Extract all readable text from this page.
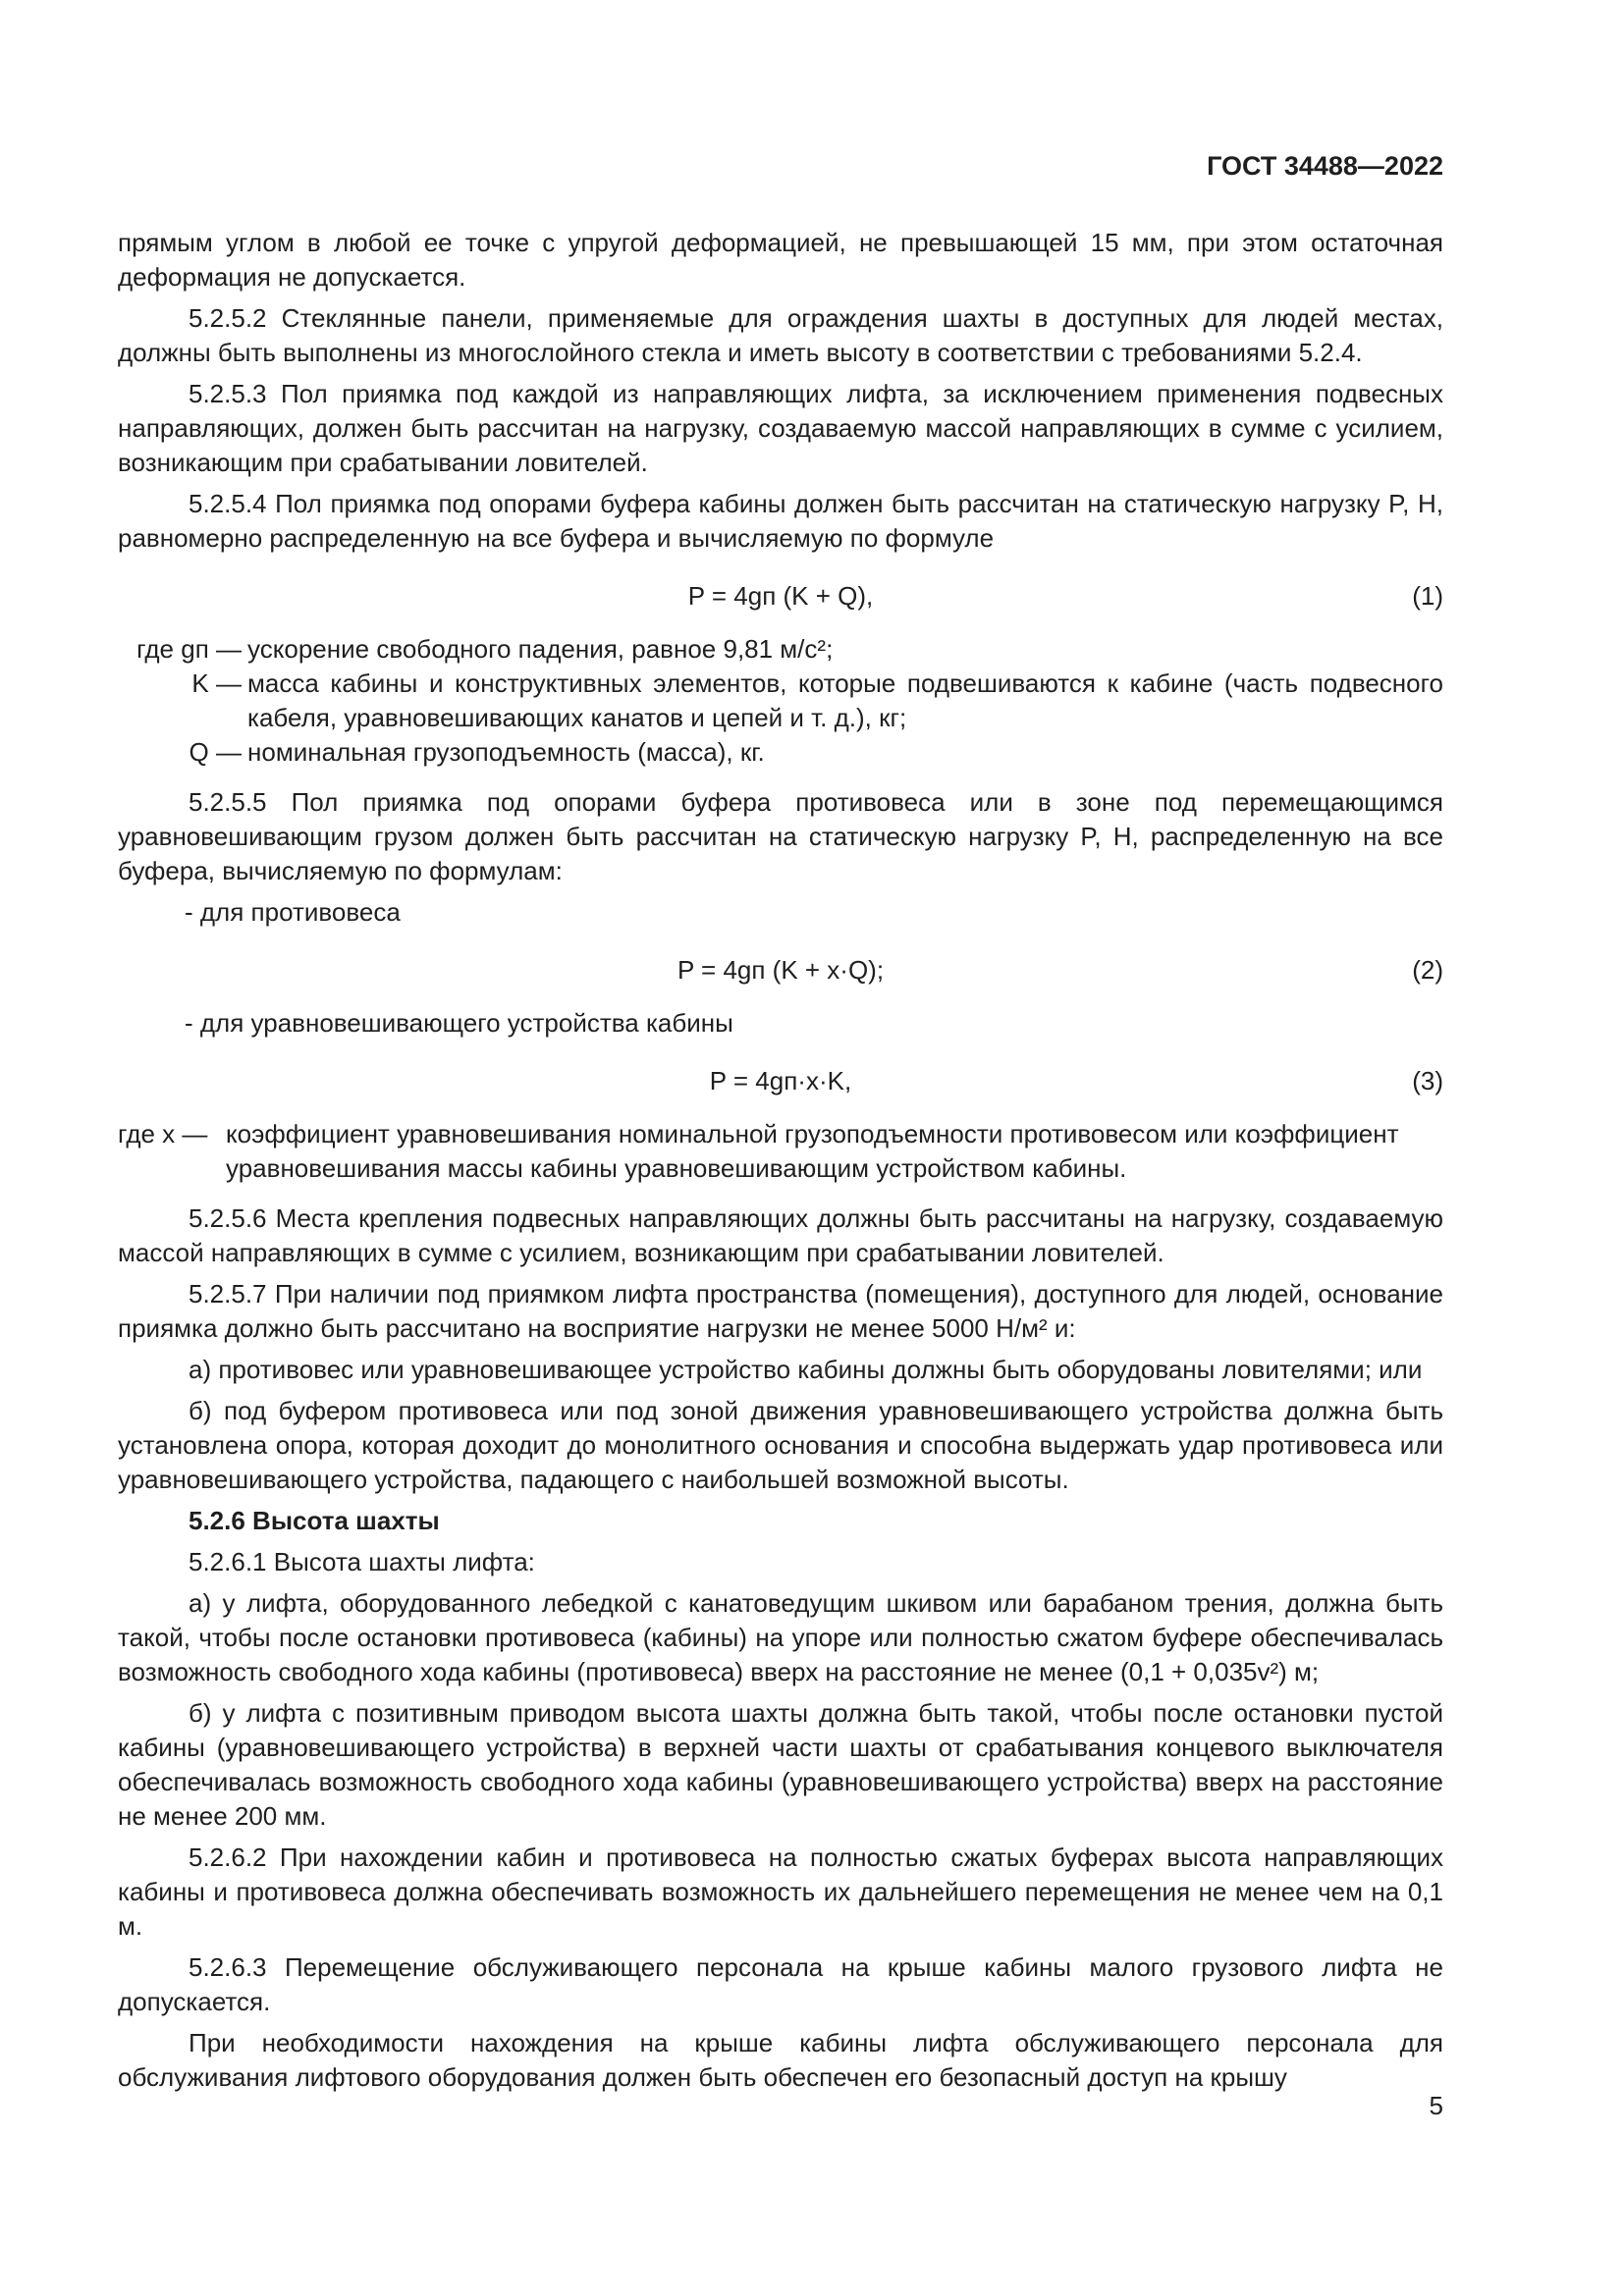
ГОСТ 34488—2022

прямым углом в любой ее точке с упругой деформацией, не превышающей 15 мм, при этом остаточная деформация не допускается.

5.2.5.2 Стеклянные панели, применяемые для ограждения шахты в доступных для людей местах, должны быть выполнены из многослойного стекла и иметь высоту в соответствии с требованиями 5.2.4.

5.2.5.3 Пол приямка под каждой из направляющих лифта, за исключением применения подвесных направляющих, должен быть рассчитан на нагрузку, создаваемую массой направляющих в сумме с усилием, возникающим при срабатывании ловителей.

5.2.5.4 Пол приямка под опорами буфера кабины должен быть рассчитан на статическую нагрузку P, H, равномерно распределенную на все буфера и вычисляемую по формуле

P = 4gп (K + Q),	(1)
где gп — ускорение свободного падения, равное 9,81 м/с²;
K — масса кабины и конструктивных элементов, которые подвешиваются к кабине (часть подвесного кабеля, уравновешивающих канатов и цепей и т. д.), кг;
Q — номинальная грузоподъемность (масса), кг.

5.2.5.5 Пол приямка под опорами буфера противовеса или в зоне под перемещающимся уравновешивающим грузом должен быть рассчитан на статическую нагрузку P, H, распределенную на все буфера, вычисляемую по формулам:

- для противовеса

P = 4gп (K + x·Q);	(2)

- для уравновешивающего устройства кабины

P = 4gп·x·K,	(3)
где x — коэффициент уравновешивания номинальной грузоподъемности противовесом или коэффициент уравновешивания массы кабины уравновешивающим устройством кабины.

5.2.5.6 Места крепления подвесных направляющих должны быть рассчитаны на нагрузку, создаваемую массой направляющих в сумме с усилием, возникающим при срабатывании ловителей.

5.2.5.7 При наличии под приямком лифта пространства (помещения), доступного для людей, основание приямка должно быть рассчитано на восприятие нагрузки не менее 5000 Н/м² и:

а) противовес или уравновешивающее устройство кабины должны быть оборудованы ловителями; или

б) под буфером противовеса или под зоной движения уравновешивающего устройства должна быть установлена опора, которая доходит до монолитного основания и способна выдержать удар противовеса или уравновешивающего устройства, падающего с наибольшей возможной высоты.

5.2.6 Высота шахты

5.2.6.1 Высота шахты лифта:

а) у лифта, оборудованного лебедкой с канатоведущим шкивом или барабаном трения, должна быть такой, чтобы после остановки противовеса (кабины) на упоре или полностью сжатом буфере обеспечивалась возможность свободного хода кабины (противовеса) вверх на расстояние не менее (0,1 + 0,035v²) м;

б) у лифта с позитивным приводом высота шахты должна быть такой, чтобы после остановки пустой кабины (уравновешивающего устройства) в верхней части шахты от срабатывания концевого выключателя обеспечивалась возможность свободного хода кабины (уравновешивающего устройства) вверх на расстояние не менее 200 мм.

5.2.6.2 При нахождении кабин и противовеса на полностью сжатых буферах высота направляющих кабины и противовеса должна обеспечивать возможность их дальнейшего перемещения не менее чем на 0,1 м.

5.2.6.3 Перемещение обслуживающего персонала на крыше кабины малого грузового лифта не допускается.

При необходимости нахождения на крыше кабины лифта обслуживающего персонала для обслуживания лифтового оборудования должен быть обеспечен его безопасный доступ на крышу

5
